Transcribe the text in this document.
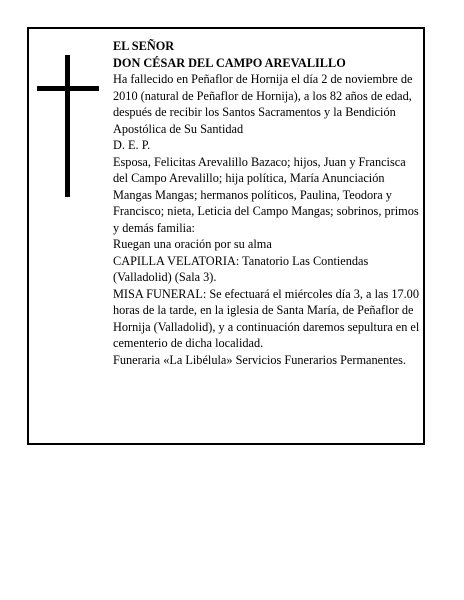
EL SEÑOR

DON CÉSAR DEL CAMPO AREVALILLO

Ha fallecido en Peñaflor de Hornija el día 2 de noviembre de 2010 (natural de Peñaflor de Hornija), a los 82 años de edad, después de recibir los Santos Sacramentos y la Bendición Apostólica de Su Santidad

D. E. P.

Esposa, Felicitas Arevalillo Bazaco; hijos, Juan y Francisca del Campo Arevalillo; hija política, María Anunciación Mangas Mangas; hermanos políticos, Paulina, Teodora y Francisco; nieta, Leticia del Campo Mangas; sobrinos, primos y demás familia:

Ruegan una oración por su alma

CAPILLA VELATORIA: Tanatorio Las Contiendas (Valladolid) (Sala 3).

MISA FUNERAL: Se efectuará el miércoles día 3, a las 17.00 horas de la tarde, en la iglesia de Santa María, de Peñaflor de Hornija (Valladolid), y a continuación daremos sepultura en el cementerio de dicha localidad.

Funeraria «La Libélula» Servicios Funerarios Permanentes.
